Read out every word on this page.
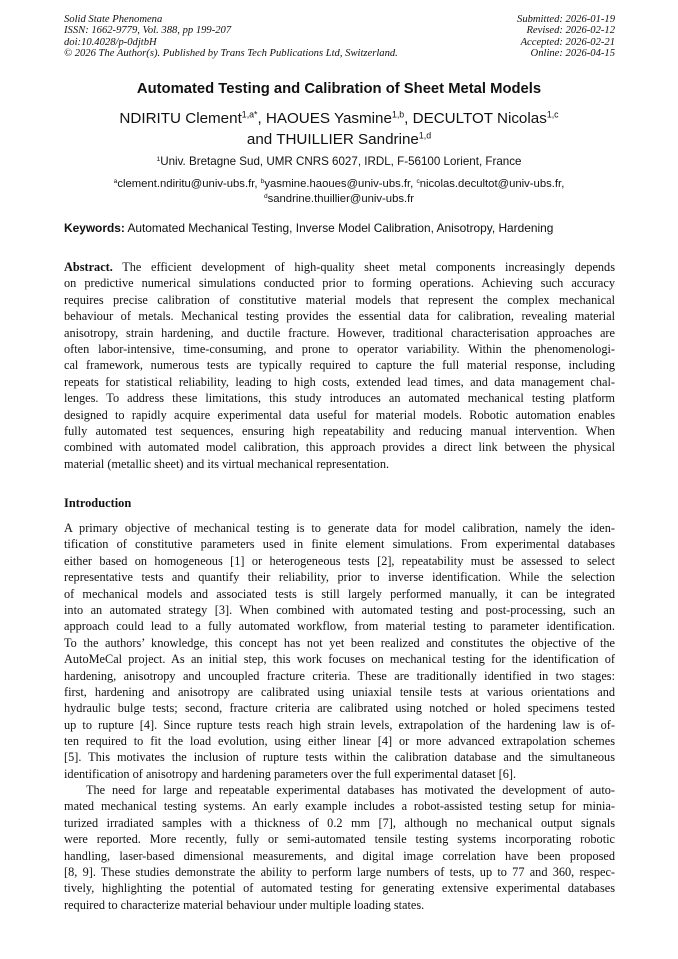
Solid State Phenomena	Submitted: 2026-01-19
ISSN: 1662-9779, Vol. 388, pp 199-207	Revised: 2026-02-12
doi:10.4028/p-0djtbH	Accepted: 2026-02-21
© 2026 The Author(s). Published by Trans Tech Publications Ltd, Switzerland.	Online: 2026-04-15
Automated Testing and Calibration of Sheet Metal Models
NDIRITU Clement$^{1,a*}$, HAOUES Yasmine$^{1,b}$, DECULTOT Nicolas$^{1,c}$
and THUILLIER Sandrine$^{1,d}$
$^1$Univ. Bretagne Sud, UMR CNRS 6027, IRDL, F-56100 Lorient, France
$^a$clement.ndiritu@univ-ubs.fr, $^b$yasmine.haoues@univ-ubs.fr, $^c$nicolas.decultot@univ-ubs.fr,
$^d$sandrine.thuillier@univ-ubs.fr
Keywords: Automated Mechanical Testing, Inverse Model Calibration, Anisotropy, Hardening
Abstract. The efficient development of high-quality sheet metal components increasingly depends
on predictive numerical simulations conducted prior to forming operations. Achieving such accuracy
requires precise calibration of constitutive material models that represent the complex mechanical
behaviour of metals. Mechanical testing provides the essential data for calibration, revealing material
anisotropy, strain hardening, and ductile fracture. However, traditional characterisation approaches are
often labor-intensive, time-consuming, and prone to operator variability. Within the phenomenologi-
cal framework, numerous tests are typically required to capture the full material response, including
repeats for statistical reliability, leading to high costs, extended lead times, and data management chal-
lenges. To address these limitations, this study introduces an automated mechanical testing platform
designed to rapidly acquire experimental data useful for material models. Robotic automation enables
fully automated test sequences, ensuring high repeatability and reducing manual intervention. When
combined with automated model calibration, this approach provides a direct link between the physical
material (metallic sheet) and its virtual mechanical representation.
Introduction
A primary objective of mechanical testing is to generate data for model calibration, namely the iden-
tification of constitutive parameters used in finite element simulations. From experimental databases
either based on homogeneous [1] or heterogeneous tests [2], repeatability must be assessed to select
representative tests and quantify their reliability, prior to inverse identification. While the selection
of mechanical models and associated tests is still largely performed manually, it can be integrated
into an automated strategy [3]. When combined with automated testing and post-processing, such an
approach could lead to a fully automated workflow, from material testing to parameter identification.
To the authors’ knowledge, this concept has not yet been realized and constitutes the objective of the
AutoMeCal project. As an initial step, this work focuses on mechanical testing for the identification of
hardening, anisotropy and uncoupled fracture criteria. These are traditionally identified in two stages:
first, hardening and anisotropy are calibrated using uniaxial tensile tests at various orientations and
hydraulic bulge tests; second, fracture criteria are calibrated using notched or holed specimens tested
up to rupture [4]. Since rupture tests reach high strain levels, extrapolation of the hardening law is of-
ten required to fit the load evolution, using either linear [4] or more advanced extrapolation schemes
[5]. This motivates the inclusion of rupture tests within the calibration database and the simultaneous
identification of anisotropy and hardening parameters over the full experimental dataset [6].
The need for large and repeatable experimental databases has motivated the development of auto-
mated mechanical testing systems. An early example includes a robot-assisted testing setup for minia-
turized irradiated samples with a thickness of 0.2 mm [7], although no mechanical output signals
were reported. More recently, fully or semi-automated tensile testing systems incorporating robotic
handling, laser-based dimensional measurements, and digital image correlation have been proposed
[8, 9]. These studies demonstrate the ability to perform large numbers of tests, up to 77 and 360, respec-
tively, highlighting the potential of automated testing for generating extensive experimental databases
required to characterize material behaviour under multiple loading states.
